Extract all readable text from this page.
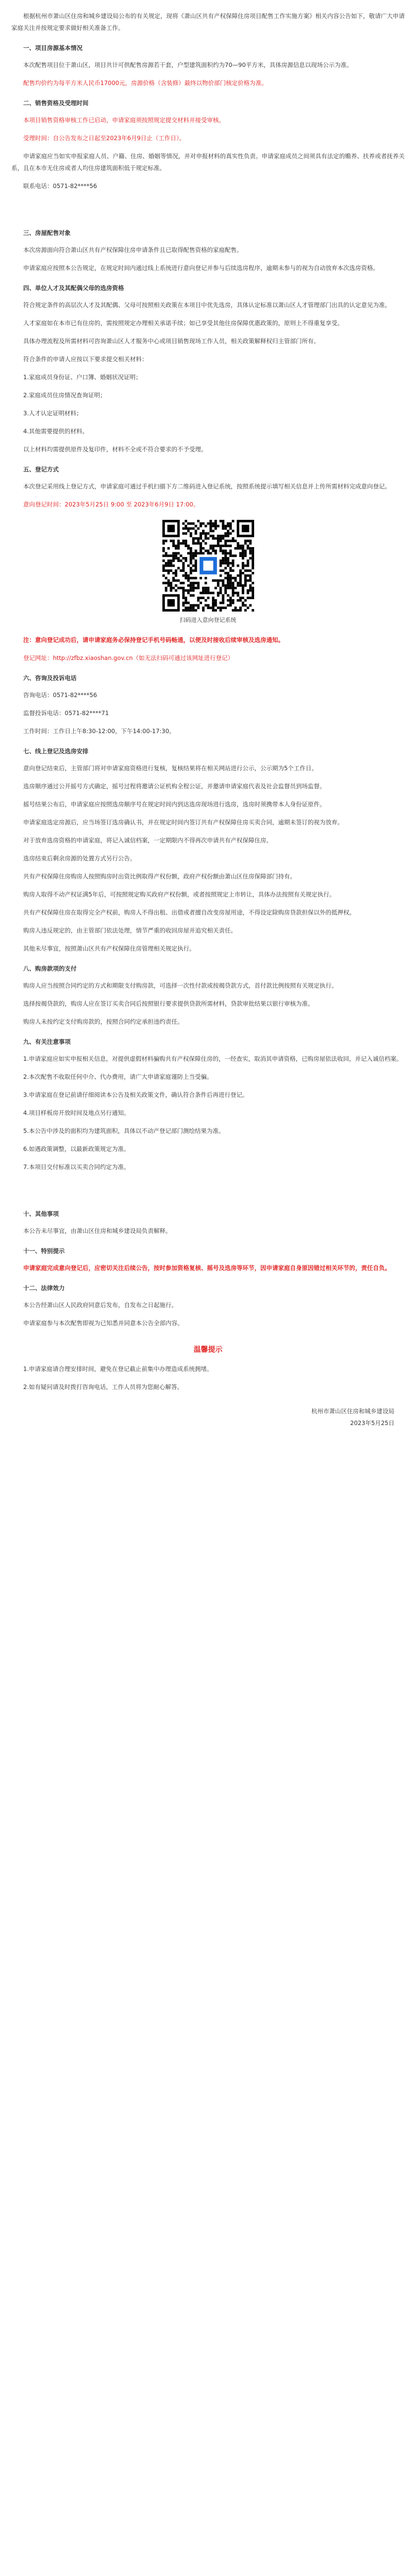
根据杭州市萧山区住房和城乡建设局公布的有关规定，现将《萧山区共有产权保障住房项目配售工作实施方案》相关内容公告如下，敬请广大申请家庭关注并按规定要求做好相关准备工作。

一、项目房源基本情况

本次配售项目位于萧山区，项目共计可供配售房源若干套，户型建筑面积约为70—90平方米，具体房源信息以现场公示为准。

配售均价约为每平方米人民币17000元，房源价格（含装修）最终以物价部门核定价格为准。

二、销售资格及受理时间

本项目销售资格审核工作已启动，申请家庭须按照规定提交材料并接受审核。

受理时间：自公告发布之日起至2023年6月9日止（工作日）。

申请家庭应当如实申报家庭人员、户籍、住房、婚姻等情况，并对申报材料的真实性负责。申请家庭成员之间须具有法定的赡养、扶养或者抚养关系，且在本市无住房或者人均住房建筑面积低于规定标准。

联系电话：0571-82****56

三、房屋配售对象

本次房源面向符合萧山区共有产权保障住房申请条件且已取得配售资格的家庭配售。

申请家庭应按照本公告规定，在规定时间内通过线上系统进行意向登记并参与后续选房程序，逾期未参与的视为自动放弃本次选房资格。

四、单位人才及其配偶父母的选房资格

符合规定条件的高层次人才及其配偶、父母可按照相关政策在本项目中优先选房，具体认定标准以萧山区人才管理部门出具的认定意见为准。

人才家庭如在本市已有住房的，需按照规定办理相关承诺手续；如已享受其他住房保障优惠政策的，原则上不得重复享受。

具体办理流程及所需材料可咨询萧山区人才服务中心或项目销售现场工作人员，相关政策解释权归主管部门所有。

符合条件的申请人应按以下要求提交相关材料：

1.家庭成员身份证、户口簿、婚姻状况证明；

2.家庭成员住房情况查询证明；

3.人才认定证明材料；

4.其他需要提供的材料。

以上材料均需提供原件及复印件，材料不全或不符合要求的不予受理。

五、登记方式

本次登记采用线上登记方式，申请家庭可通过手机扫描下方二维码进入登记系统，按照系统提示填写相关信息并上传所需材料完成意向登记。

意向登记时间：2023年5月25日 9:00 至 2023年6月9日 17:00。

扫码进入意向登记系统

注：意向登记成功后，请申请家庭务必保持登记手机号码畅通，以便及时接收后续审核及选房通知。

登记网址：http://zfbz.xiaoshan.gov.cn（如无法扫码可通过该网址进行登记）

六、咨询及投诉电话

咨询电话：0571-82****56

监督投诉电话：0571-82****71

工作时间：工作日上午8:30-12:00，下午14:00-17:30。

七、线上登记及选房安排

意向登记结束后，主管部门将对申请家庭资格进行复核，复核结果将在相关网站进行公示，公示期为5个工作日。

选房顺序通过公开摇号方式确定，摇号过程将邀请公证机构全程公证，并邀请申请家庭代表及社会监督员到场监督。

摇号结果公布后，申请家庭应按照选房顺序号在规定时间内到达选房现场进行选房，选房时须携带本人身份证原件。

申请家庭选定房源后，应当场签订选房确认书，并在规定时间内签订共有产权保障住房买卖合同，逾期未签订的视为放弃。

对于放弃选房资格的申请家庭，将记入诚信档案，一定期限内不得再次申请共有产权保障住房。

选房结束后剩余房源的处置方式另行公告。

共有产权保障住房购房人按照购房时出资比例取得产权份额，政府产权份额由萧山区住房保障部门持有。

购房人取得不动产权证满5年后，可按照规定购买政府产权份额，或者按照规定上市转让，具体办法按照有关规定执行。

共有产权保障住房在取得完全产权前，购房人不得出租、出借或者擅自改变房屋用途，不得设定除购房贷款担保以外的抵押权。

购房人违反规定的，由主管部门依法处理，情节严重的收回房屋并追究相关责任。

其他未尽事宜，按照萧山区共有产权保障住房管理相关规定执行。

八、购房款项的支付

购房人应当按照合同约定的方式和期限支付购房款，可选择一次性付款或按揭贷款方式，首付款比例按照有关规定执行。

选择按揭贷款的，购房人应在签订买卖合同后按照银行要求提供贷款所需材料，贷款审批结果以银行审核为准。

购房人未按约定支付购房款的，按照合同约定承担违约责任。

九、有关注意事项

1.申请家庭应如实申报相关信息，对提供虚假材料骗购共有产权保障住房的，一经查实，取消其申请资格，已购房屋依法收回，并记入诚信档案。

2.本次配售不收取任何中介、代办费用，请广大申请家庭谨防上当受骗。

3.申请家庭在登记前请仔细阅读本公告及相关政策文件，确认符合条件后再进行登记。

4.项目样板房开放时间及地点另行通知。

5.本公告中涉及的面积均为建筑面积，具体以不动产登记部门测绘结果为准。

6.如遇政策调整，以最新政策规定为准。

7.本项目交付标准以买卖合同约定为准。

十、其他事项

本公告未尽事宜，由萧山区住房和城乡建设局负责解释。

十一、特别提示

申请家庭完成意向登记后，应密切关注后续公告，按时参加资格复核、摇号及选房等环节，因申请家庭自身原因错过相关环节的，责任自负。

十二、法律效力

本公告经萧山区人民政府同意后发布，自发布之日起施行。

申请家庭参与本次配售即视为已知悉并同意本公告全部内容。

温馨提示

1.申请家庭请合理安排时间，避免在登记截止前集中办理造成系统拥堵。

2.如有疑问请及时拨打咨询电话，工作人员将为您耐心解答。

杭州市萧山区住房和城乡建设局

2023年5月25日
